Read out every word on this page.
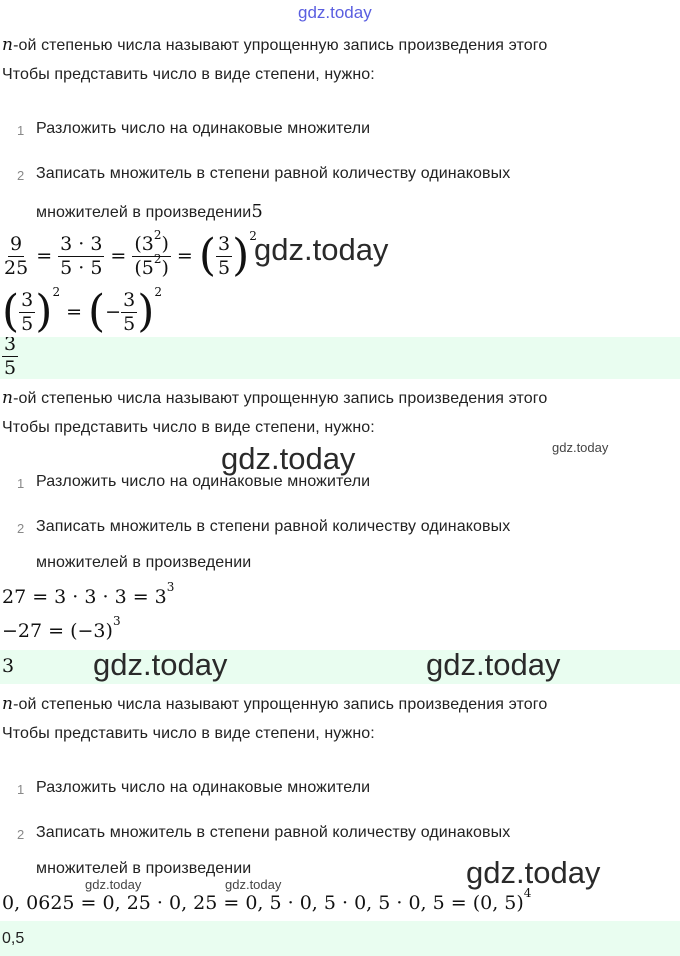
gdz.today
n-ой степенью числа называют упрощенную запись произведения этого
Чтобы представить число в виде степени, нужно:
1 Разложить число на одинаковые множители
2 Записать множитель в степени равной количеству одинаковых
множителей в произведении5
$\frac{9}{25} = \frac{3 \cdot 3}{5 \cdot 5} = \frac{(3^2)}{(5^2)}$ = ( $\frac{3}{5}$ ) 2
gdz.today
( $\frac{3}{5}$ ) 2
= ( − $\frac{3}{5}$ ) 2
$\frac{3}{5}$
n-ой степенью числа называют упрощенную запись произведения этого
Чтобы представить число в виде степени, нужно:
gdz.today
gdz.today
1 Разложить число на одинаковые множители
2 Записать множитель в степени равной количеству одинаковых
множителей в произведении
$27 = 3 \cdot 3 \cdot 3 = 3^3$
$-27 = (-3)^3$
3	gdz.today	gdz.today
n-ой степенью числа называют упрощенную запись произведения этого
Чтобы представить число в виде степени, нужно:
1 Разложить число на одинаковые множители
2 Записать множитель в степени равной количеству одинаковых
множителей в произведении	gdz.today
gdz.today	gdz.today
0, 0625 = 0, 25 · 0, 25 = 0, 5 · 0, 5 · 0, 5 · 0, 5 = (0, 5)$^4$
0,5
